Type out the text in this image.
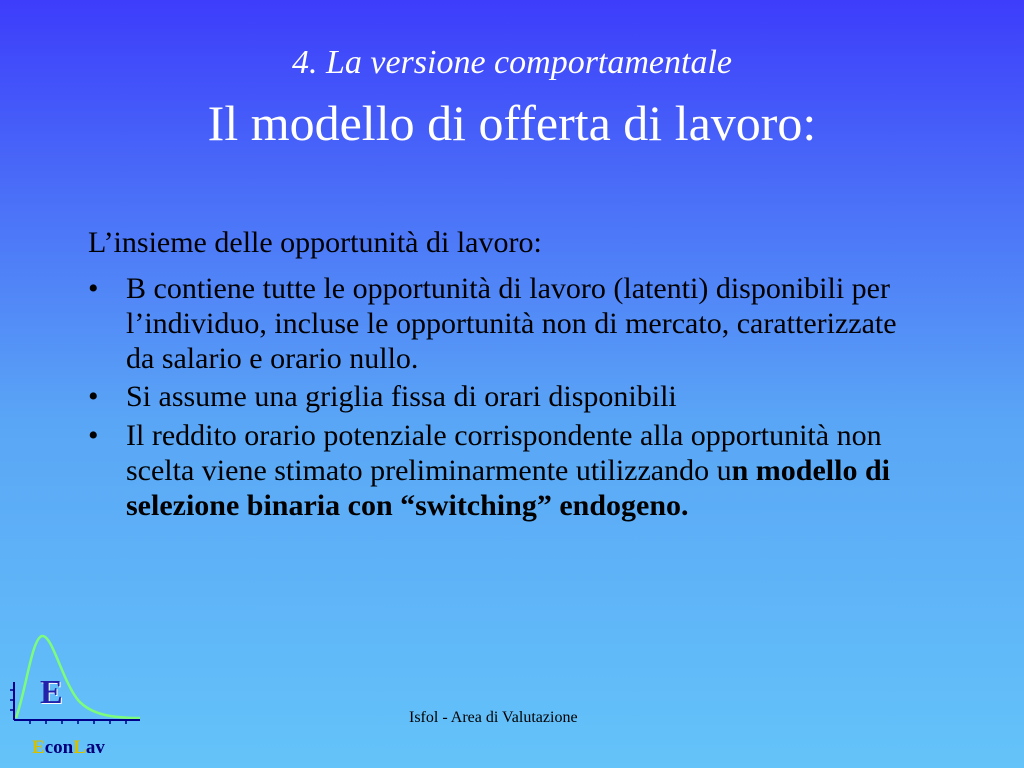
4. La versione comportamentale
Il modello di offerta di lavoro:
L’insieme delle opportunità di lavoro:
• B contiene tutte le opportunità di lavoro (latenti) disponibili per l’individuo, incluse le opportunità non di mercato, caratterizzate da salario e orario nullo.
• Si assume una griglia fissa di orari disponibili
• Il reddito orario potenziale corrispondente alla opportunità non scelta viene stimato preliminarmente utilizzando un modello di selezione binaria con “switching” endogeno.
Isfol - Area di Valutazione
E
EconLav
